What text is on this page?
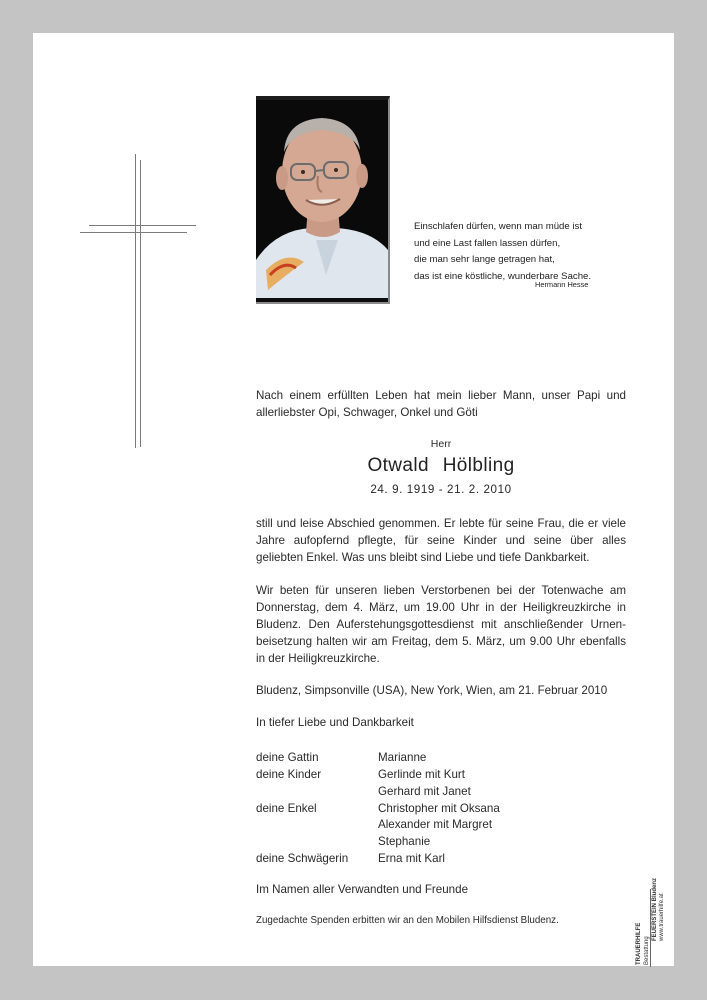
Einschlafen dürfen, wenn man müde ist
und eine Last fallen lassen dürfen,
die man sehr lange getragen hat,
das ist eine köstliche, wunderbare Sache.
Hermann Hesse
Nach einem erfüllten Leben hat mein lieber Mann, unser Papi und allerliebster Opi, Schwager, Onkel und Göti
Herr
Otwald Hölbling
24. 9. 1919 - 21. 2. 2010
still und leise Abschied genommen. Er lebte für seine Frau, die er viele Jahre aufopfernd pflegte, für seine Kinder und seine über alles geliebten Enkel. Was uns bleibt sind Liebe und tiefe Dankbarkeit.
Wir beten für unseren lieben Verstorbenen bei der Totenwache am Donnerstag, dem 4. März, um 19.00 Uhr in der Heiligkreuzkirche in Bludenz. Den Auferstehungsgottesdienst mit anschließender Urnen-beisetzung halten wir am Freitag, dem 5. März, um 9.00 Uhr ebenfalls in der Heiligkreuzkirche.
Bludenz, Simpsonville (USA), New York, Wien, am 21. Februar 2010
In tiefer Liebe und Dankbarkeit
deine Gattin	Marianne
deine Kinder	Gerlinde mit Kurt
Gerhard mit Janet
deine Enkel	Christopher mit Oksana
Alexander mit Margret
Stephanie
deine Schwägerin	Erna mit Karl
Im Namen aller Verwandten und Freunde
Zugedachte Spenden erbitten wir an den Mobilen Hilfsdienst Bludenz.
TRAUERHILFE Bestattung
FEUERSTEIN Bludenz www.trauerhilfe.at
